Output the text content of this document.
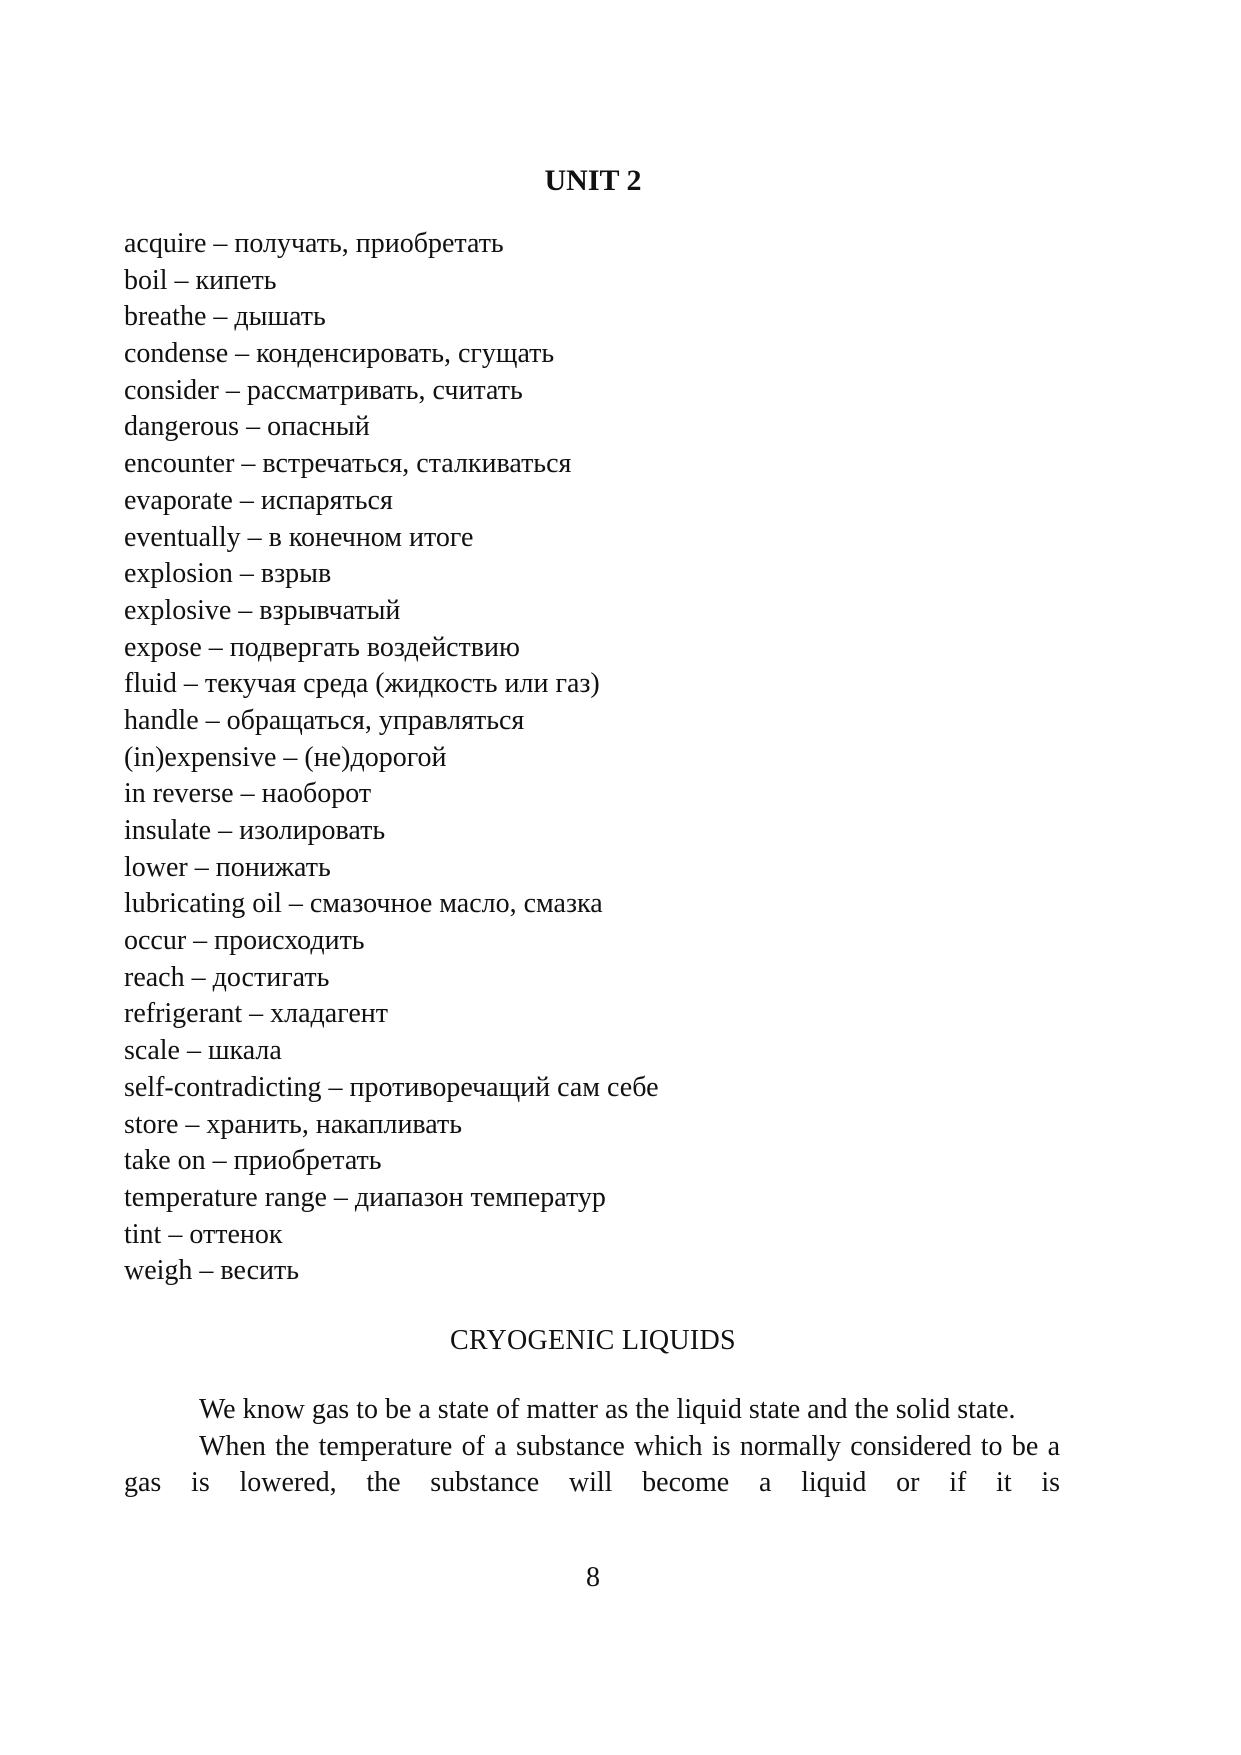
UNIT 2
acquire – получать, приобретать
boil – кипеть
breathe – дышать
condense – конденсировать, сгущать
consider – рассматривать, считать
dangerous – опасный
encounter – встречаться, сталкиваться
evaporate – испаряться
eventually – в конечном итоге
explosion – взрыв
explosive – взрывчатый
expose – подвергать воздействию
fluid – текучая среда (жидкость или газ)
handle – обращаться, управляться
(in)expensive – (не)дорогой
in reverse – наоборот
insulate – изолировать
lower – понижать
lubricating oil – смазочное масло, смазка
occur – происходить
reach – достигать
refrigerant – хладагент
scale – шкала
self-contradicting – противоречащий сам себе
store – хранить, накапливать
take on – приобретать
temperature range – диапазон температур
tint – оттенок
weigh – весить
CRYOGENIC LIQUIDS

We know gas to be a state of matter as the liquid state and the solid state.

When the temperature of a substance which is normally considered to be a gas is lowered, the substance will become a liquid or if it is

8
